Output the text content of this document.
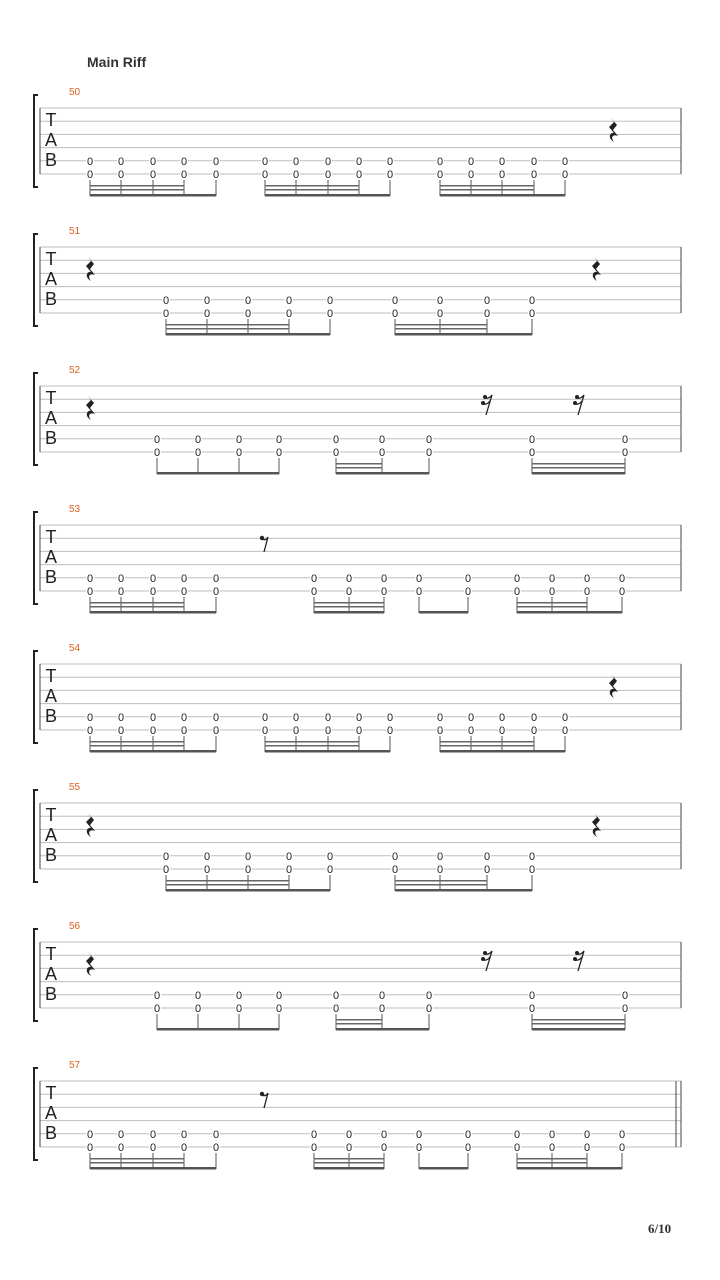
Main Riff
T
A
B
50
0
0
0
0
0
0
0
0
0
0
0
0
0
0
0
0
0
0
0
0
0
0
0
0
0
0
0
0
0
0
T
A
B
51
0
0
0
0
0
0
0
0
0
0
0
0
0
0
0
0
0
0
T
A
B
52
0
0
0
0
0
0
0
0
0
0
0
0
0
0
0
0
0
0
T
A
B
53
0
0
0
0
0
0
0
0
0
0
0
0
0
0
0
0
0
0
0
0
0
0
0
0
0
0
0
0
T
A
B
54
0
0
0
0
0
0
0
0
0
0
0
0
0
0
0
0
0
0
0
0
0
0
0
0
0
0
0
0
0
0
T
A
B
55
0
0
0
0
0
0
0
0
0
0
0
0
0
0
0
0
0
0
T
A
B
56
0
0
0
0
0
0
0
0
0
0
0
0
0
0
0
0
0
0
T
A
B
57
0
0
0
0
0
0
0
0
0
0
0
0
0
0
0
0
0
0
0
0
0
0
0
0
0
0
0
0
6/10
